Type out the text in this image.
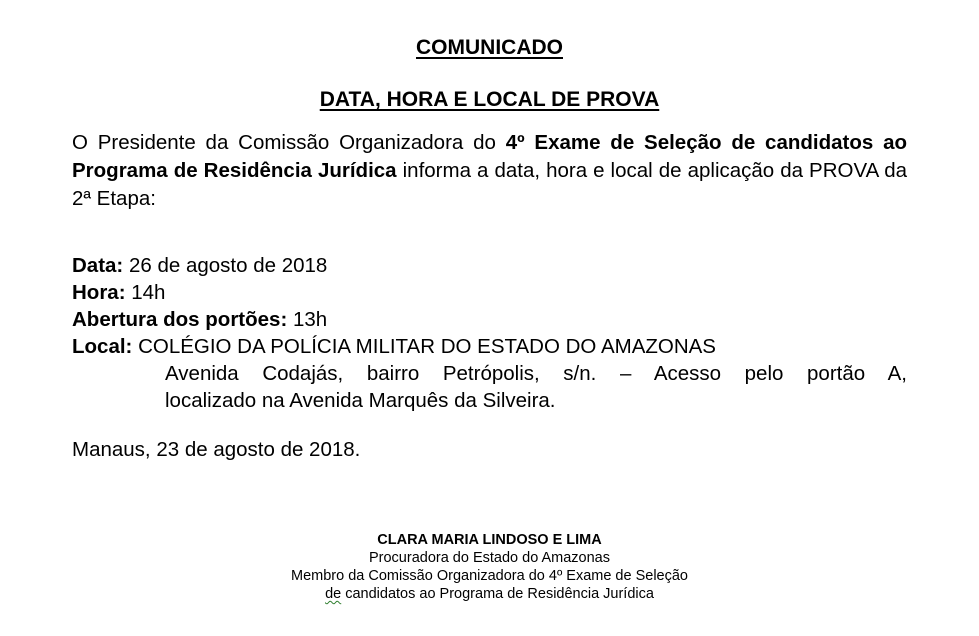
COMUNICADO
DATA, HORA E LOCAL DE PROVA

O Presidente da Comissão Organizadora do 4º Exame de Seleção de candidatos ao Programa de Residência Jurídica informa a data, hora e local de aplicação da PROVA da 2ª Etapa:

Data: 26 de agosto de 2018
Hora: 14h
Abertura dos portões: 13h
Local: COLÉGIO DA POLÍCIA MILITAR DO ESTADO DO AMAZONAS
Avenida Codajás, bairro Petrópolis, s/n. – Acesso pelo portão A,
localizado na Avenida Marquês da Silveira.

Manaus, 23 de agosto de 2018.

CLARA MARIA LINDOSO E LIMA
Procuradora do Estado do Amazonas
Membro da Comissão Organizadora do 4º Exame de Seleção
de candidatos ao Programa de Residência Jurídica
